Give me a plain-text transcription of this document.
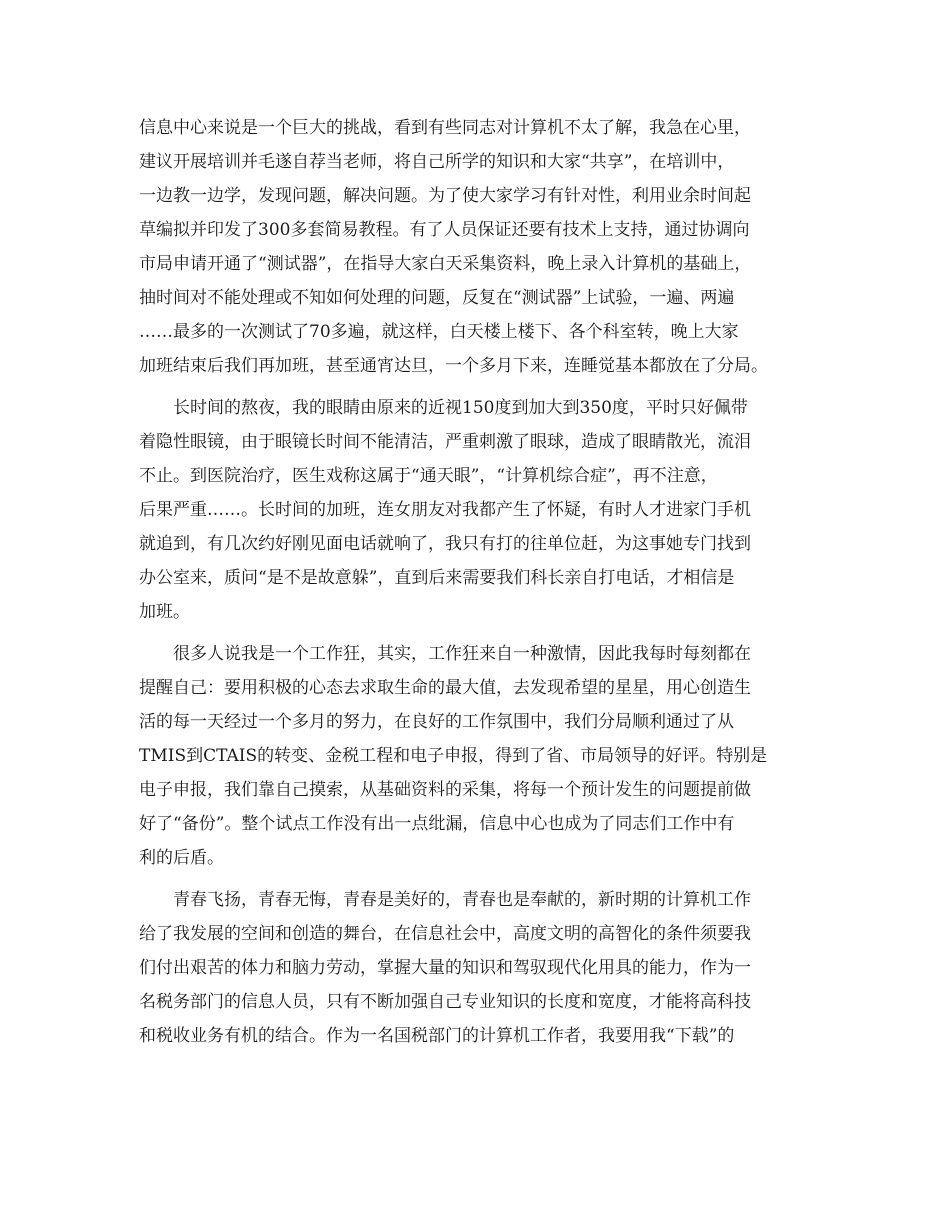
信息中心来说是一个巨大的挑战，看到有些同志对计算机不太了解，我急在心里，
建议开展培训并毛遂自荐当老师，将自己所学的知识和大家“共享”，在培训中，
一边教一边学，发现问题，解决问题。为了使大家学习有针对性，利用业余时间起
草编拟并印发了300多套简易教程。有了人员保证还要有技术上支持，通过协调向
市局申请开通了“测试器”，在指导大家白天采集资料，晚上录入计算机的基础上，
抽时间对不能处理或不知如何处理的问题，反复在“测试器”上试验，一遍、两遍
……最多的一次测试了70多遍，就这样，白天楼上楼下、各个科室转，晚上大家
加班结束后我们再加班，甚至通宵达旦，一个多月下来，连睡觉基本都放在了分局。
长时间的熬夜，我的眼睛由原来的近视150度到加大到350度，平时只好佩带
着隐性眼镜，由于眼镜长时间不能清洁，严重刺激了眼球，造成了眼睛散光，流泪
不止。到医院治疗，医生戏称这属于“通天眼”，“计算机综合症”，再不注意，
后果严重……。长时间的加班，连女朋友对我都产生了怀疑，有时人才进家门手机
就追到，有几次约好刚见面电话就响了，我只有打的往单位赶，为这事她专门找到
办公室来，质问“是不是故意躲”，直到后来需要我们科长亲自打电话，才相信是
加班。
很多人说我是一个工作狂，其实，工作狂来自一种激情，因此我每时每刻都在
提醒自己：要用积极的心态去求取生命的最大值，去发现希望的星星，用心创造生
活的每一天经过一个多月的努力，在良好的工作氛围中，我们分局顺利通过了从
TMIS到CTAIS的转变、金税工程和电子申报，得到了省、市局领导的好评。特别是
电子申报，我们靠自己摸索，从基础资料的采集，将每一个预计发生的问题提前做
好了“备份”。整个试点工作没有出一点纰漏，信息中心也成为了同志们工作中有
利的后盾。
青春飞扬，青春无悔，青春是美好的，青春也是奉献的，新时期的计算机工作
给了我发展的空间和创造的舞台，在信息社会中，高度文明的高智化的条件须要我
们付出艰苦的体力和脑力劳动，掌握大量的知识和驾驭现代化用具的能力，作为一
名税务部门的信息人员，只有不断加强自己专业知识的长度和宽度，才能将高科技
和税收业务有机的结合。作为一名国税部门的计算机工作者，我要用我“下载”的
